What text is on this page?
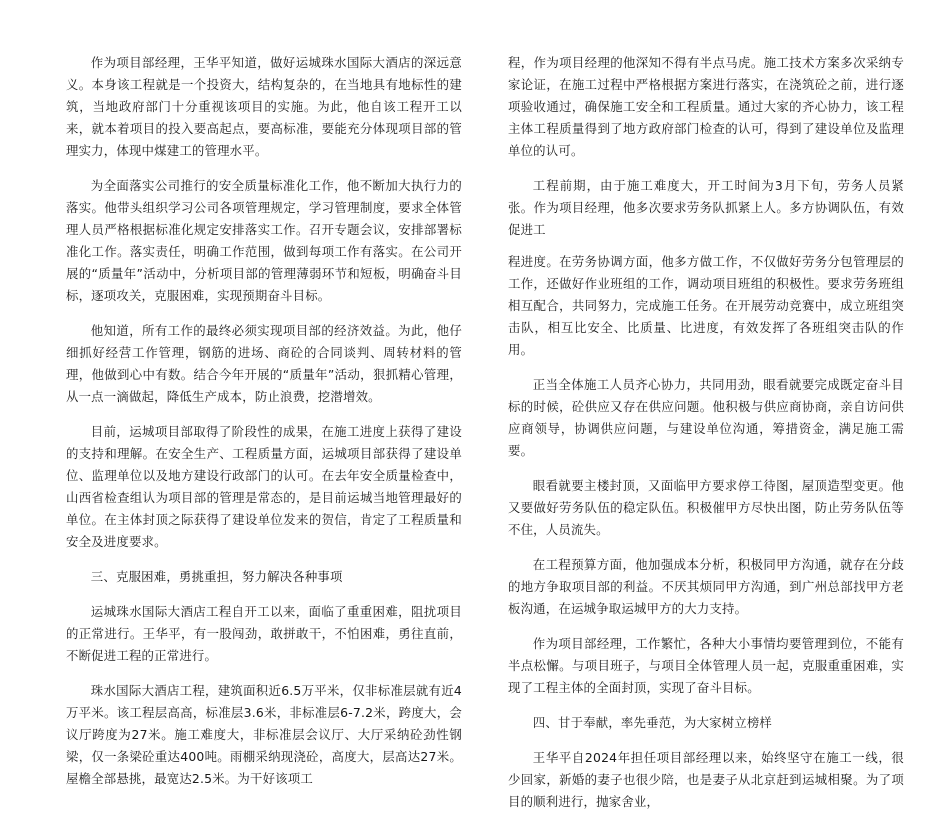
作为项目部经理，王华平知道，做好运城珠水国际大酒店的深远意义。本身该工程就是一个投资大，结构复杂的，在当地具有地标性的建筑，当地政府部门十分重视该项目的实施。为此，他自该工程开工以来，就本着项目的投入要高起点，要高标准，要能充分体现项目部的管理实力，体现中煤建工的管理水平。

为全面落实公司推行的安全质量标准化工作，他不断加大执行力的落实。他带头组织学习公司各项管理规定，学习管理制度，要求全体管理人员严格根据标准化规定安排落实工作。召开专题会议，安排部署标准化工作。落实责任，明确工作范围，做到每项工作有落实。在公司开展的“质量年”活动中，分析项目部的管理薄弱环节和短板，明确奋斗目标，逐项攻关，克服困难，实现预期奋斗目标。

他知道，所有工作的最终必须实现项目部的经济效益。为此，他仔细抓好经营工作管理，钢筋的进场、商砼的合同谈判、周转材料的管理，他做到心中有数。结合今年开展的“质量年”活动，狠抓精心管理，从一点一滴做起，降低生产成本，防止浪费，挖潜增效。

目前，运城项目部取得了阶段性的成果，在施工进度上获得了建设的支持和理解。在安全生产、工程质量方面，运城项目部获得了建设单位、监理单位以及地方建设行政部门的认可。在去年安全质量检查中，山西省检查组认为项目部的管理是常态的，是目前运城当地管理最好的单位。在主体封顶之际获得了建设单位发来的贺信，肯定了工程质量和安全及进度要求。

三、克服困难，勇挑重担，努力解决各种事项

运城珠水国际大酒店工程自开工以来，面临了重重困难，阻扰项目的正常进行。王华平，有一股闯劲，敢拼敢干，不怕困难，勇往直前，不断促进工程的正常进行。

珠水国际大酒店工程，建筑面积近6.5万平米，仅非标准层就有近4万平米。该工程层高高，标准层3.6米，非标准层6-7.2米，跨度大，会议厅跨度为27米。施工难度大，非标准层会议厅、大厅采纳砼劲性钢梁，仅一条梁砼重达400吨。雨棚采纳现浇砼，高度大，层高达27米。屋檐全部悬挑，最宽达2.5米。为干好该项工

程，作为项目经理的他深知不得有半点马虎。施工技术方案多次采纳专家论证，在施工过程中严格根据方案进行落实，在浇筑砼之前，进行逐项验收通过，确保施工安全和工程质量。通过大家的齐心协力，该工程主体工程质量得到了地方政府部门检查的认可，得到了建设单位及监理单位的认可。

工程前期，由于施工难度大，开工时间为3月下旬，劳务人员紧张。作为项目经理，他多次要求劳务队抓紧上人。多方协调队伍，有效促进工

程进度。在劳务协调方面，他多方做工作，不仅做好劳务分包管理层的工作，还做好作业班组的工作，调动项目班组的积极性。要求劳务班组相互配合，共同努力，完成施工任务。在开展劳动竞赛中，成立班组突击队，相互比安全、比质量、比进度，有效发挥了各班组突击队的作用。

正当全体施工人员齐心协力，共同用劲，眼看就要完成既定奋斗目标的时候，砼供应又存在供应问题。他积极与供应商协商，亲自访问供应商领导，协调供应问题，与建设单位沟通，筹措资金，满足施工需要。

眼看就要主楼封顶，又面临甲方要求停工待图，屋顶造型变更。他又要做好劳务队伍的稳定队伍。积极催甲方尽快出图，防止劳务队伍等不住，人员流失。

在工程预算方面，他加强成本分析，积极同甲方沟通，就存在分歧的地方争取项目部的利益。不厌其烦同甲方沟通，到广州总部找甲方老板沟通，在运城争取运城甲方的大力支持。

作为项目部经理，工作繁忙，各种大小事情均要管理到位，不能有半点松懈。与项目班子，与项目全体管理人员一起，克服重重困难，实现了工程主体的全面封顶，实现了奋斗目标。

四、甘于奉献，率先垂范，为大家树立榜样

王华平自2024年担任项目部经理以来，始终坚守在施工一线，很少回家，新婚的妻子也很少陪，也是妻子从北京赶到运城相聚。为了项目的顺利进行，抛家舍业，
